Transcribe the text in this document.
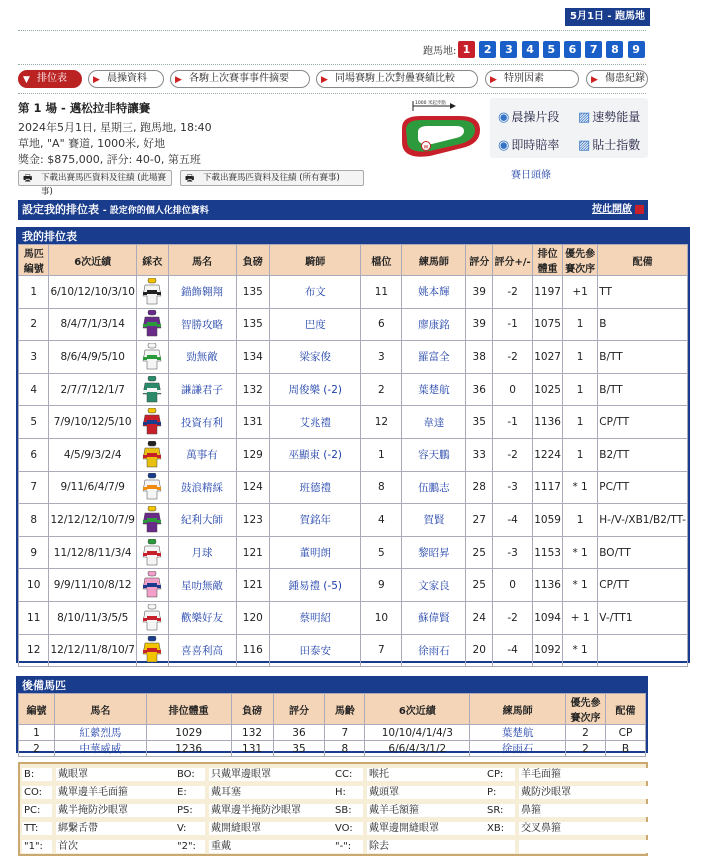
5月1日 - 跑馬地
跑馬地: 1	2	3	4	5	6	7	8	9
▼ 排位表	▶ 晨操資料	▶ 各駒上次賽事事件摘要	▶ 同場賽駒上次對疊賽績比較	▶ 特別因素	▶ 傷患紀錄
第 1 場 - 邁松拉非特讓賽
2024年5月1日, 星期三, 跑馬地, 18:40
草地, "A" 賽道, 1000米, 好地
獎金: $875,000, 評分: 40-0, 第五班
🖶 下載出賽馬匹資料及往績 (此場賽事)
🖶 下載出賽馬匹資料及往績 (所有賽事)
1000 米起步點
w
◉ 晨操片段 ▨ 速勢能量
◉ 即時賠率 ▨ 貼士指數
賽日頭條
設定我的排位表 - 設定你的個人化排位資料	按此開啟
我的排位表
馬匹編號	6次近績	綵衣	馬名	負磅	騎師	檔位	練馬師	評分	評分+/-	排位體重	優先參賽次序	配備
1	6/10/12/10/3/10		錨飾翱翔	135	布文	11	姚本輝	39	-2	1197	+1	TT
2	8/4/7/1/3/14		智勝攻略	135	巴度	6	廖康銘	39	-1	1075	1	B
3	8/6/4/9/5/10		勁無敵	134	梁家俊	3	羅富全	38	-2	1027	1	B/TT
4	2/7/7/12/1/7		謙謙君子	132	周俊樂 (-2)	2	葉楚航	36	0	1025	1	B/TT
5	7/9/10/12/5/10		投資有利	131	艾兆禮	12	韋達	35	-1	1136	1	CP/TT
6	4/5/9/3/2/4		萬事有	129	巫顯東 (-2)	1	容天鵬	33	-2	1224	1	B2/TT
7	9/11/6/4/7/9		鼓浪精綵	124	班德禮	8	伍鵬志	28	-3	1117	* 1	PC/TT
8	12/12/12/10/7/9		紀利大師	123	賀銘年	4	賀賢	27	-4	1059	1	H-/V-/XB1/B2/TT-
9	11/12/8/11/3/4		月球	121	董明朗	5	黎昭昇	25	-3	1153	* 1	BO/TT
10	9/9/11/10/8/12		星叻無敵	121	鍾易禮 (-5)	9	文家良	25	0	1136	* 1	CP/TT
11	8/10/11/3/5/5		歡樂好友	120	蔡明紹	10	蘇偉賢	24	-2	1094	+ 1	V-/TT1
12	12/12/11/8/10/7		喜喜利高	116	田泰安	7	徐雨石	20	-4	1092	* 1	
後備馬匹
編號	馬名	排位體重	負磅	評分	馬齡	6次近績	練馬師	優先參賽次序	配備
1	紅縈烈馬	1029	132	36	7	10/10/4/1/4/3	葉楚航	2	CP
2	中華威威	1236	131	35	8	6/6/4/3/1/2	徐雨石	2	B
B:	戴眼罩	BO:	只戴單邊眼罩	CC:	喉托	CP:	羊毛面箍
CO:	戴單邊羊毛面箍	E:	戴耳塞	H:	戴頭罩	P:	戴防沙眼罩
PC:	戴半掩防沙眼罩	PS:	戴單邊半掩防沙眼罩	SB:	戴羊毛額箍	SR:	鼻箍
TT:	綁繫舌帶	V:	戴開縫眼罩	VO:	戴單邊開縫眼罩	XB:	交叉鼻箍
"1":	首次	"2":	重戴	"-":	除去
